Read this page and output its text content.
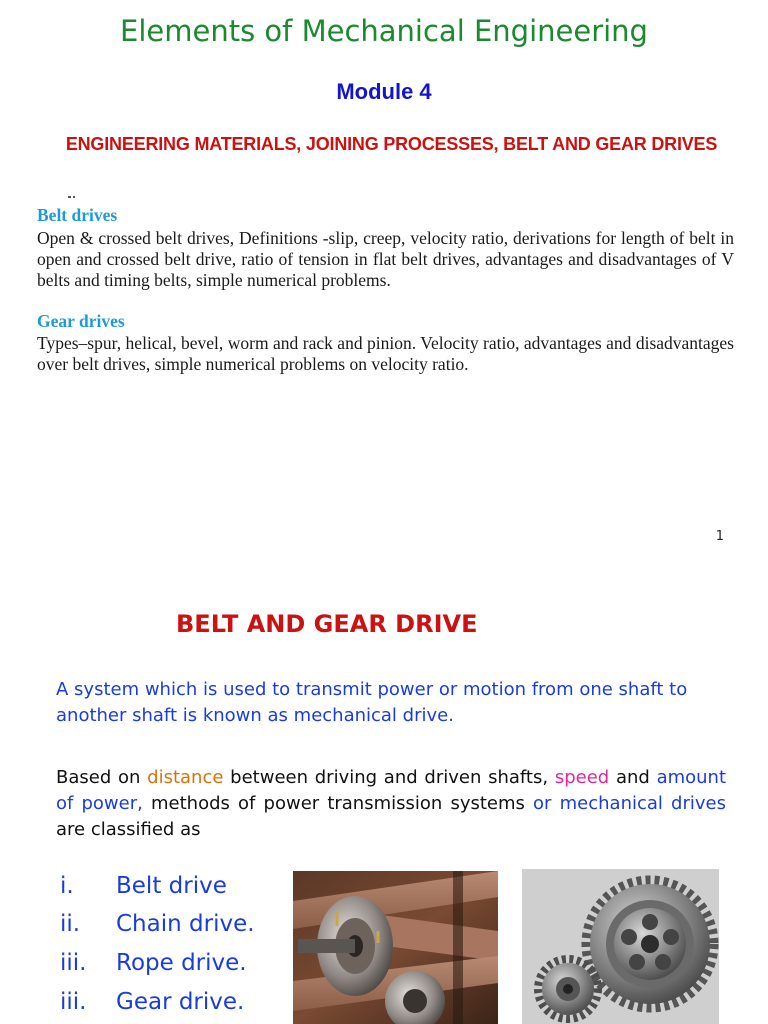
Elements of Mechanical Engineering
Module 4
ENGINEERING MATERIALS, JOINING PROCESSES, BELT AND GEAR DRIVES
Belt drives
Open & crossed belt drives, Definitions -slip, creep, velocity ratio, derivations for length of belt in open and crossed belt drive, ratio of tension in flat belt drives, advantages and disadvantages of V belts and timing belts, simple numerical problems.
Gear drives
Types–spur, helical, bevel, worm and rack and pinion. Velocity ratio, advantages and disadvantages over belt drives, simple numerical problems on velocity ratio.
1
BELT AND GEAR DRIVE
A system which is used to transmit power or motion from one shaft to another shaft is known as mechanical drive.
Based on distance between driving and driven shafts, speed and amount of power, methods of power transmission systems or mechanical drives are classified as
i. Belt drive
ii. Chain drive.
iii. Rope drive.
iii. Gear drive.
